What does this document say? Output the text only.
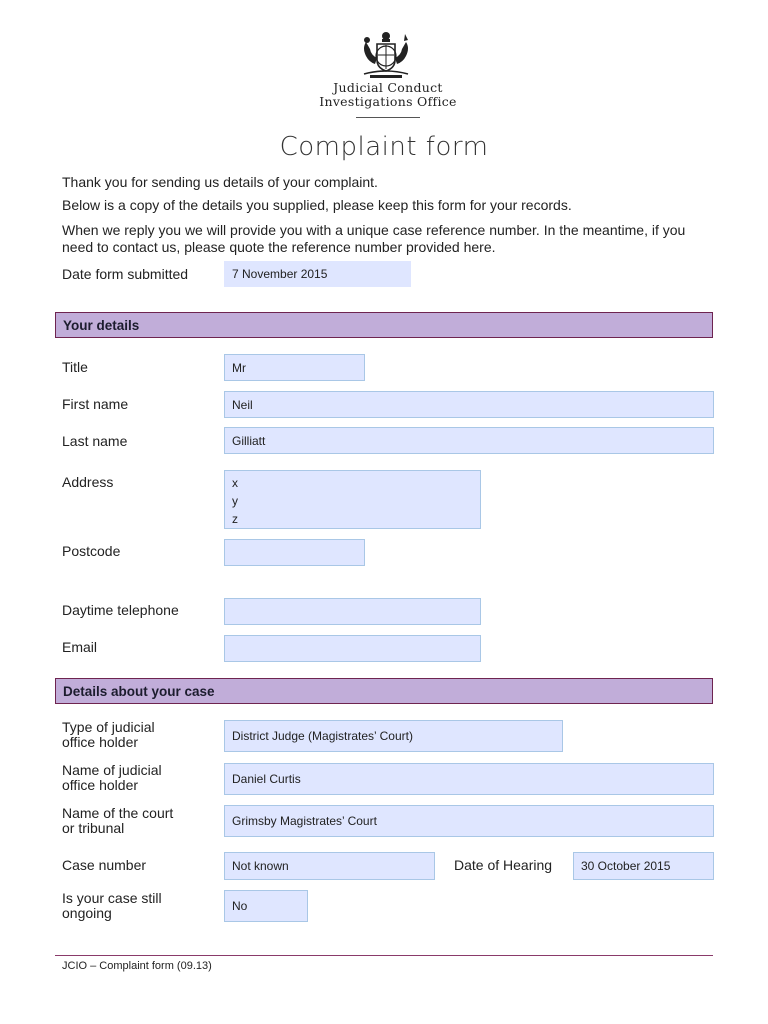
Judicial Conduct
Investigations Office
Complaint form
Thank you for sending us details of your complaint.
Below is a copy of the details you supplied, please keep this form for your records.
When we reply you we will provide you with a unique case reference number. In the meantime, if you need to contact us, please quote the reference number provided here.
Date form submitted	7 November 2015
Your details
Title	Mr
First name	Neil
Last name	Gilliatt
Address	x
y
z
Postcode
Daytime telephone
Email
Details about your case
Type of judicial
office holder	District Judge (Magistrates’ Court)
Name of judicial
office holder	Daniel Curtis
Name of the court
or tribunal	Grimsby Magistrates’ Court
Case number	Not known	Date of Hearing	30 October 2015
Is your case still
ongoing	No
JCIO – Complaint form (09.13)
